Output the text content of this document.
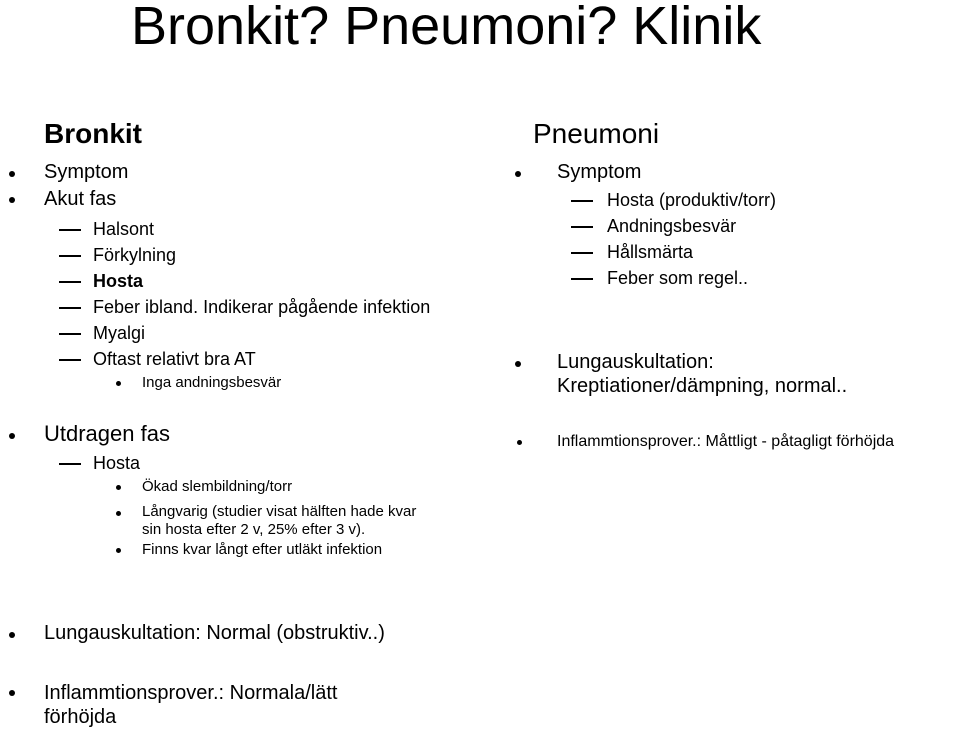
Bronkit? Pneumoni? Klinik
Bronkit
Symptom
Akut fas
Halsont
Förkylning
Hosta
Feber ibland. Indikerar pågående infektion
Myalgi
Oftast relativt bra AT
Inga andningsbesvär
Utdragen fas
Hosta
Ökad slembildning/torr
Långvarig (studier visat hälften hade kvar
sin hosta efter 2 v, 25% efter 3 v).
Finns kvar långt efter utläkt infektion
Pneumoni
Symptom
Hosta (produktiv/torr)
Andningsbesvär
Hållsmärta
Feber som regel..
Lungauskultation:
Kreptiationer/dämpning, normal..
Inflammtionsprover.: Måttligt - påtagligt förhöjda
Lungauskultation: Normal (obstruktiv..)
Inflammtionsprover.: Normala/lätt
förhöjda
